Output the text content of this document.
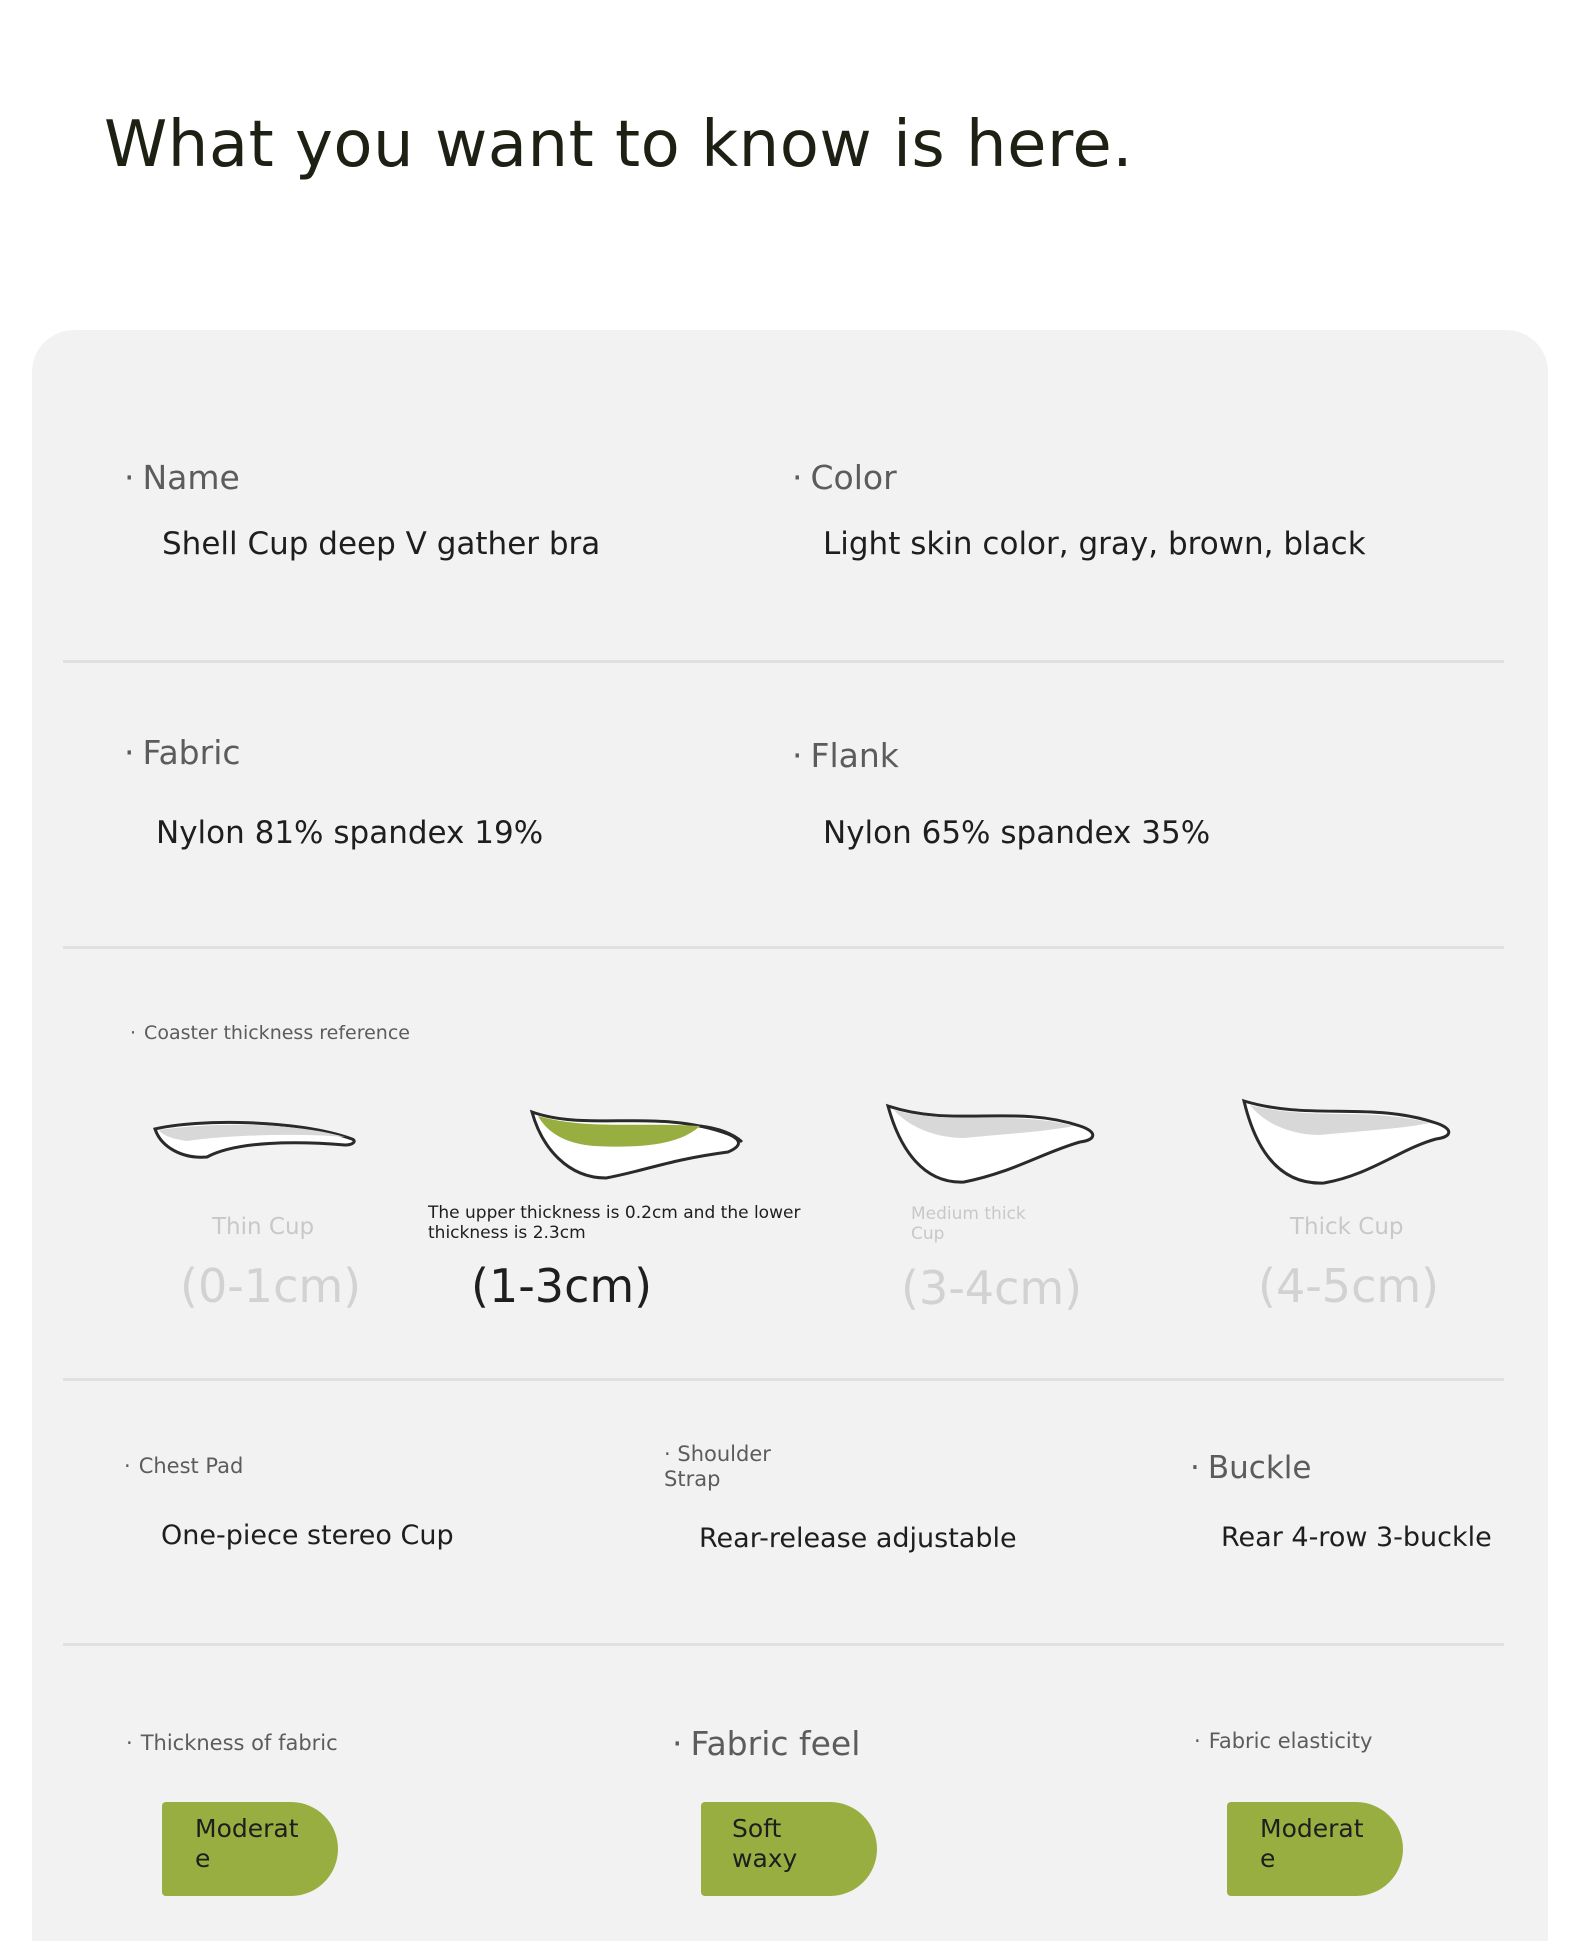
What you want to know is here.
· Name
Shell Cup deep V gather bra
· Color
Light skin color, gray, brown, black
· Fabric
Nylon 81% spandex 19%
· Flank
Nylon 65% spandex 35%
· Coaster thickness reference
Thin Cup
(0-1cm)
The upper thickness is 0.2cm and the lower thickness is 2.3cm
(1-3cm)
Medium thick Cup
(3-4cm)
Thick Cup
(4-5cm)
· Chest Pad
One-piece stereo Cup
· Shoulder Strap
Rear-release adjustable
· Buckle
Rear 4-row 3-buckle
· Thickness of fabric
Moderat
e
· Fabric feel
Soft
waxy
· Fabric elasticity
Moderat
e
